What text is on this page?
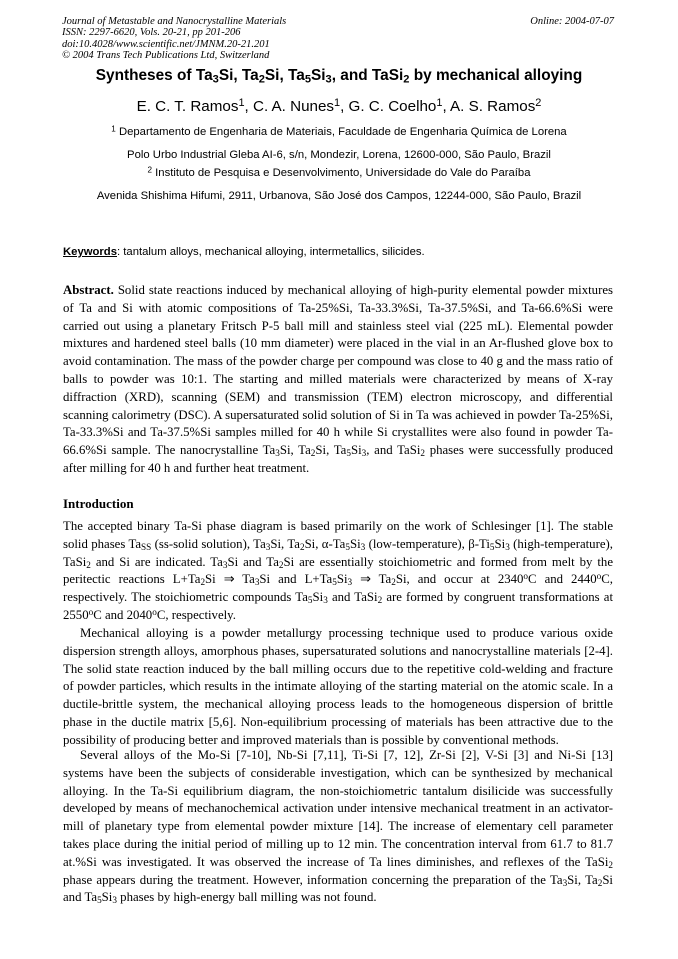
Journal of Metastable and Nanocrystalline Materials
ISSN: 2297-6620, Vols. 20-21, pp 201-206
doi:10.4028/www.scientific.net/JMNM.20-21.201
© 2004 Trans Tech Publications Ltd, Switzerland
Online: 2004-07-07
Syntheses of $Ta_3Si$, $Ta_2Si$, $Ta_5Si_3$, and TaSi$_2$ by mechanical alloying
E. C. T. Ramos$^1$, C. A. Nunes$^1$, G. C. Coelho$^1$, A. S. Ramos$^2$
$^1$ Departamento de Engenharia de Materiais, Faculdade de Engenharia Química de Lorena
Polo Urbo Industrial Gleba AI-6, s/n, Mondezir, Lorena, 12600-000, São Paulo, Brazil
$^2$ Instituto de Pesquisa e Desenvolvimento, Universidade do Vale do Paraíba
Avenida Shishima Hifumi, 2911, Urbanova, São José dos Campos, 12244-000, São Paulo, Brazil
Keywords: tantalum alloys, mechanical alloying, intermetallics, silicides.

Abstract. Solid state reactions induced by mechanical alloying of high-purity elemental powder mixtures of Ta and Si with atomic compositions of Ta-25%Si, Ta-33.3%Si, Ta-37.5%Si, and Ta-66.6%Si were carried out using a planetary Fritsch P-5 ball mill and stainless steel vial (225 mL). Elemental powder mixtures and hardened steel balls (10 mm diameter) were placed in the vial in an Ar-flushed glove box to avoid contamination. The mass of the powder charge per compound was close to 40 g and the mass ratio of balls to powder was 10:1. The starting and milled materials were characterized by means of X-ray diffraction (XRD), scanning (SEM) and transmission (TEM) electron microscopy, and differential scanning calorimetry (DSC). A supersaturated solid solution of Si in Ta was achieved in powder Ta-25%Si, Ta-33.3%Si and Ta-37.5%Si samples milled for 40 h while Si crystallites were also found in powder Ta-66.6%Si sample. The nanocrystalline $Ta_3Si$, $Ta_2Si$, $Ta_5Si_3$, and TaSi$_2$ phases were successfully produced after milling for 40 h and further heat treatment.

Introduction

The accepted binary Ta-Si phase diagram is based primarily on the work of Schlesinger [1]. The stable solid phases $Ta_{SS}$ (ss-solid solution), $Ta_3Si$, $Ta_2Si$, $\alpha-Ta_5Si_3$ (low-temperature), $\beta-Ti_5Si_3$ (high-temperature), TaSi$_2$ and Si are indicated. $Ta_3Si$ and $Ta_2Si$ are essentially stoichiometric and formed from melt by the peritectic reactions $L+Ta_2Si$ ⇒ $Ta_3Si$ and $L+Ta_5Si_3$ ⇒ $Ta_2Si$, and occur at 2340$^o$C and 2440$^o$C, respectively. The stoichiometric compounds $Ta_5Si_3$ and TaSi$_2$ are formed by congruent transformations at 2550$^o$C and 2040$^o$C, respectively.

Mechanical alloying is a powder metallurgy processing technique used to produce various oxide dispersion strength alloys, amorphous phases, supersaturated solutions and nanocrystalline materials [2-4]. The solid state reaction induced by the ball milling occurs due to the repetitive cold-welding and fracture of powder particles, which results in the intimate alloying of the starting material on the atomic scale. In a ductile-brittle system, the mechanical alloying process leads to the homogeneous dispersion of brittle phase in the ductile matrix [5,6]. Non-equilibrium processing of materials has been attractive due to the possibility of producing better and improved materials than is possible by conventional methods.

Several alloys of the Mo-Si [7-10], Nb-Si [7,11], Ti-Si [7, 12], Zr-Si [2], V-Si [3] and Ni-Si [13] systems have been the subjects of considerable investigation, which can be synthesized by mechanical alloying. In the Ta-Si equilibrium diagram, the non-stoichiometric tantalum disilicide was successfully developed by means of mechanochemical activation under intensive mechanical treatment in an activator-mill of planetary type from elemental powder mixture [14]. The increase of elementary cell parameter takes place during the initial period of milling up to 12 min. The concentration interval from 61.7 to 81.7 at.%Si was investigated. It was observed the increase of Ta lines diminishes, and reflexes of the TaSi$_2$ phase appears during the treatment. However, information concerning the preparation of the $Ta_3Si$, $Ta_2Si$ and $Ta_5Si_3$ phases by high-energy ball milling was not found.
